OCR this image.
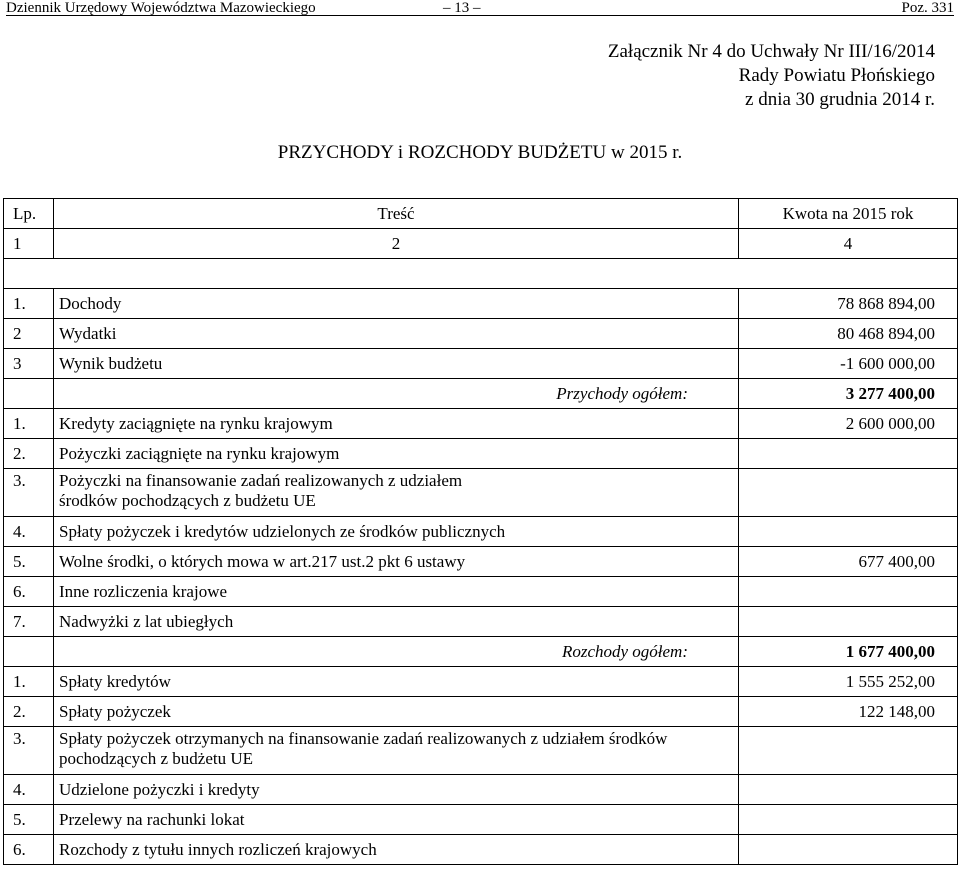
Dziennik Urzędowy Województwa Mazowieckiego	– 13 –	Poz. 331
Załącznik Nr 4 do Uchwały Nr III/16/2014
Rady Powiatu Płońskiego
z dnia 30 grudnia 2014 r.
PRZYCHODY i ROZCHODY BUDŻETU w 2015 r.
Lp.	Treść	Kwota na 2015 rok
1	2	4

1.	Dochody	78 868 894,00
2	Wydatki	80 468 894,00
3	Wynik budżetu	-1 600 000,00
	Przychody ogółem:	3 277 400,00
1.	Kredyty zaciągnięte na rynku krajowym	2 600 000,00
2.	Pożyczki zaciągnięte na rynku krajowym	
3.	Pożyczki na finansowanie zadań realizowanych z udziałem środków pochodzących z budżetu UE	
4.	Spłaty pożyczek i kredytów udzielonych ze środków publicznych	
5.	Wolne środki, o których mowa w art.217 ust.2 pkt 6 ustawy	677 400,00
6.	Inne rozliczenia krajowe	
7.	Nadwyżki z lat ubiegłych	
	Rozchody ogółem:	1 677 400,00
1.	Spłaty kredytów	1 555 252,00
2.	Spłaty pożyczek	122 148,00
3.	Spłaty pożyczek otrzymanych na finansowanie zadań realizowanych z udziałem środków pochodzących z budżetu UE	
4.	Udzielone pożyczki i kredyty	
5.	Przelewy na rachunki lokat	
6.	Rozchody z tytułu innych rozliczeń krajowych	
